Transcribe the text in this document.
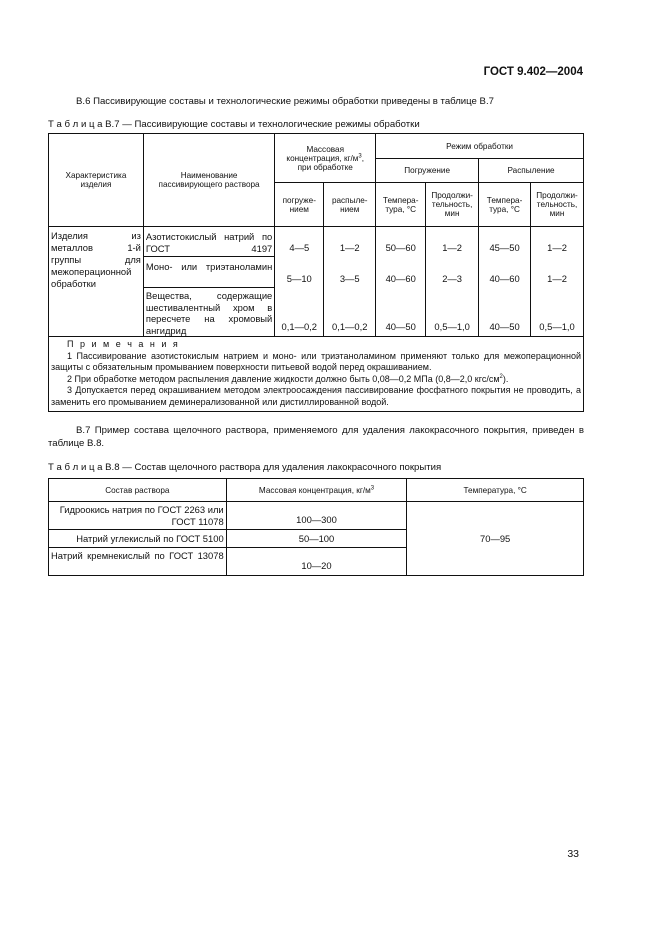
ГОСТ 9.402—2004
В.6 Пассивирующие составы и технологические режимы обработки приведены в таблице В.7
Т а б л и ц а В.7 — Пассивирующие составы и технологические режимы обработки
Характеристика изделия	Наименование пассивирующего раствора	Массовая концентрация, $кг/м^3$, при обработке		Режим обработки			
				Погружение		Распыление	
		погруже-нием	распыле-нием	Темпера-тура, °С	Продолжи-тельность, мин	Темпера-тура, °С	Продолжи-тельность, мин
Изделия из металлов 1-й группы для межоперационной обработки	Азотистокислый натрий по ГОСТ 4197	4—5	1—2	50—60	1—2	45—50	1—2
	Моно- или триэтаноламин	5—10	3—5	40—60	2—3	40—60	1—2
	Вещества, содержащие шестивалентный хром в пересчете на хромовый ангидрид	0,1—0,2	0,1—0,2	40—50	0,5—1,0	40—50	0,5—1,0

П р и м е ч а н и я
1 Пассивирование азотистокислым натрием и моно- или триэтаноламином применяют только для межоперационной защиты с обязательным промыванием поверхности питьевой водой перед окрашиванием.
2 При обработке методом распыления давление жидкости должно быть 0,08—0,2 МПа (0,8—2,0 кгс/$см^2$).
3 Допускается перед окрашиванием методом электроосаждения пассивирование фосфатного покрытия не проводить, а заменить его промыванием деминерализованной или дистиллированной водой.							
В.7 Пример состава щелочного раствора, применяемого для удаления лакокрасочного покрытия, приведен в таблице В.8.
Т а б л и ц а В.8 — Состав щелочного раствора для удаления лакокрасочного покрытия
Состав раствора	Массовая концентрация, $кг/м^3$	Температура, °С
Гидроокись натрия по ГОСТ 2263 или ГОСТ 11078	100—300	70—95
Натрий углекислый по ГОСТ 5100	50—100	
Натрий кремнекислый по ГОСТ 13078	10—20	
33
